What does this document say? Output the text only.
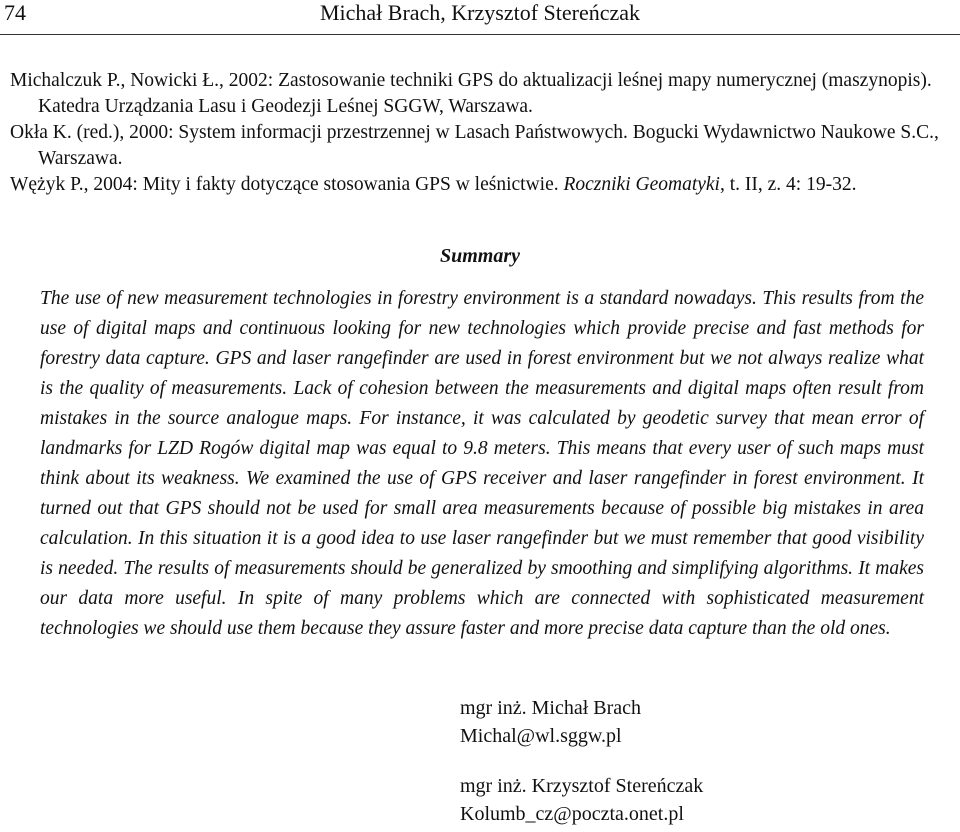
74	Michał Brach, Krzysztof Stereńczak

Michalczuk P., Nowicki Ł., 2002: Zastosowanie techniki GPS do aktualizacji leśnej mapy numerycznej (maszynopis). Katedra Urządzania Lasu i Geodezji Leśnej SGGW, Warszawa.

Okła K. (red.), 2000: System informacji przestrzennej w Lasach Państwowych. Bogucki Wydawnictwo Naukowe S.C., Warszawa.

Wężyk P., 2004: Mity i fakty dotyczące stosowania GPS w leśnictwie. Roczniki Geomatyki, t. II, z. 4: 19-32.

Summary

The use of new measurement technologies in forestry environment is a standard nowadays. This results from the use of digital maps and continuous looking for new technologies which provide precise and fast methods for forestry data capture. GPS and laser rangefinder are used in forest environment but we not always realize what is the quality of measurements. Lack of cohesion between the measurements and digital maps often result from mistakes in the source analogue maps. For instance, it was calculated by geodetic survey that mean error of landmarks for LZD Rogów digital map was equal to 9.8 meters. This means that every user of such maps must think about its weakness. We examined the use of GPS receiver and laser rangefinder in forest environment. It turned out that GPS should not be used for small area measurements because of possible big mistakes in area calculation. In this situation it is a good idea to use laser rangefinder but we must remember that good visibility is needed. The results of measurements should be generalized by smoothing and simplifying algorithms. It makes our data more useful. In spite of many problems which are connected with sophisticated measurement technologies we should use them because they assure faster and more precise data capture than the old ones.

mgr inż. Michał Brach

Michal@wl.sggw.pl

mgr inż. Krzysztof Stereńczak

Kolumb_cz@poczta.onet.pl
